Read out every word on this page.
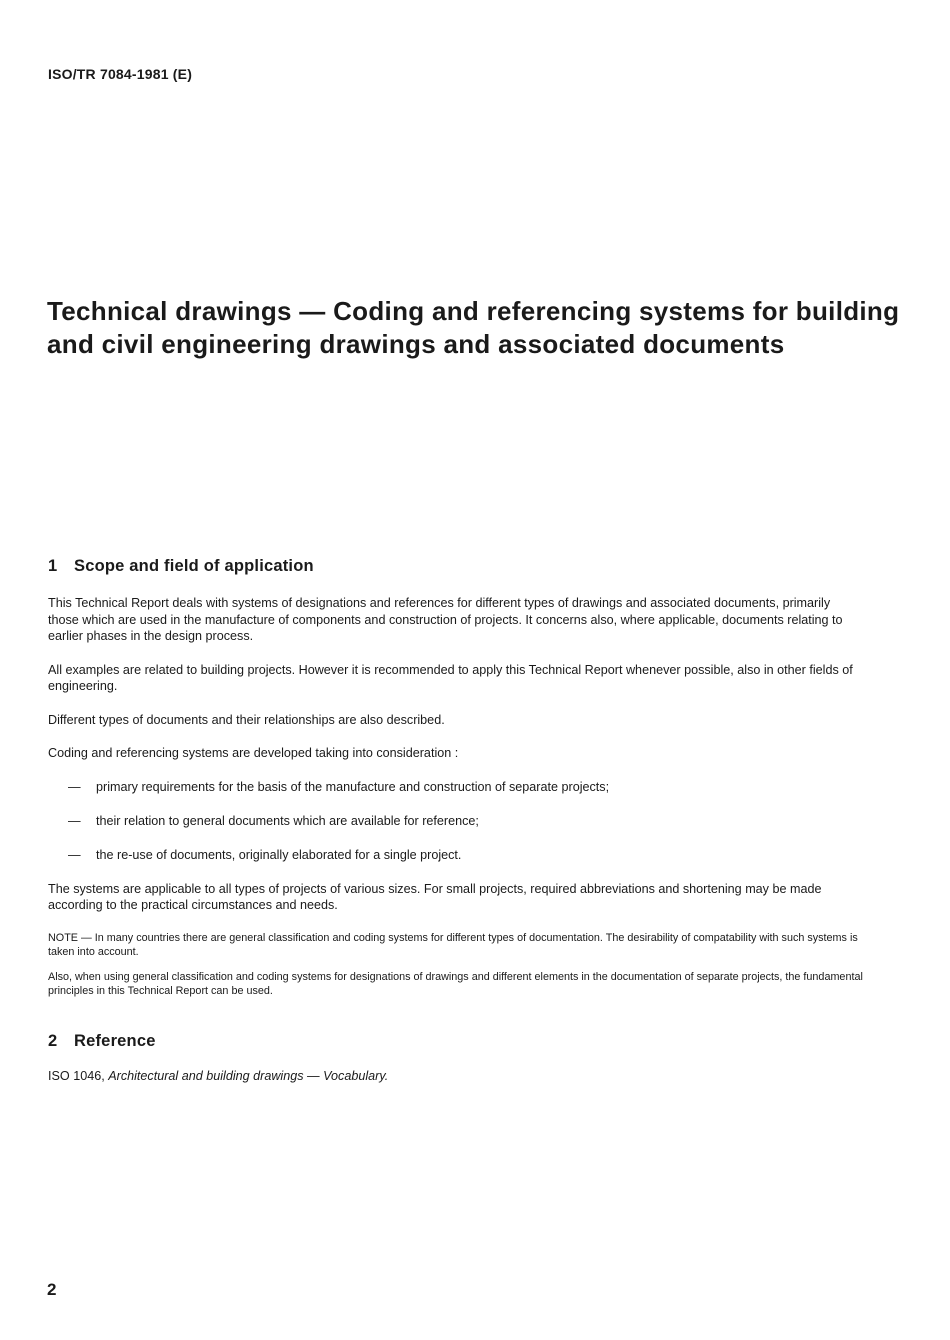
ISO/TR 7084-1981 (E)
Technical drawings — Coding and referencing systems for building and civil engineering drawings and associated documents
1 Scope and field of application

This Technical Report deals with systems of designations and references for different types of drawings and associated documents, primarily those which are used in the manufacture of components and construction of projects. It concerns also, where applicable, documents relating to earlier phases in the design process.

All examples are related to building projects. However it is recommended to apply this Technical Report whenever possible, also in other fields of engineering.

Different types of documents and their relationships are also described.

Coding and referencing systems are developed taking into consideration :

— primary requirements for the basis of the manufacture and construction of separate projects;
— their relation to general documents which are available for reference;
— the re-use of documents, originally elaborated for a single project.

The systems are applicable to all types of projects of various sizes. For small projects, required abbreviations and shortening may be made according to the practical circumstances and needs.

NOTE — In many countries there are general classification and coding systems for different types of documentation. The desirability of compatability with such systems is taken into account.

Also, when using general classification and coding systems for designations of drawings and different elements in the documentation of separate projects, the fundamental principles in this Technical Report can be used.

2 Reference

ISO 1046, Architectural and building drawings — Vocabulary.

2
